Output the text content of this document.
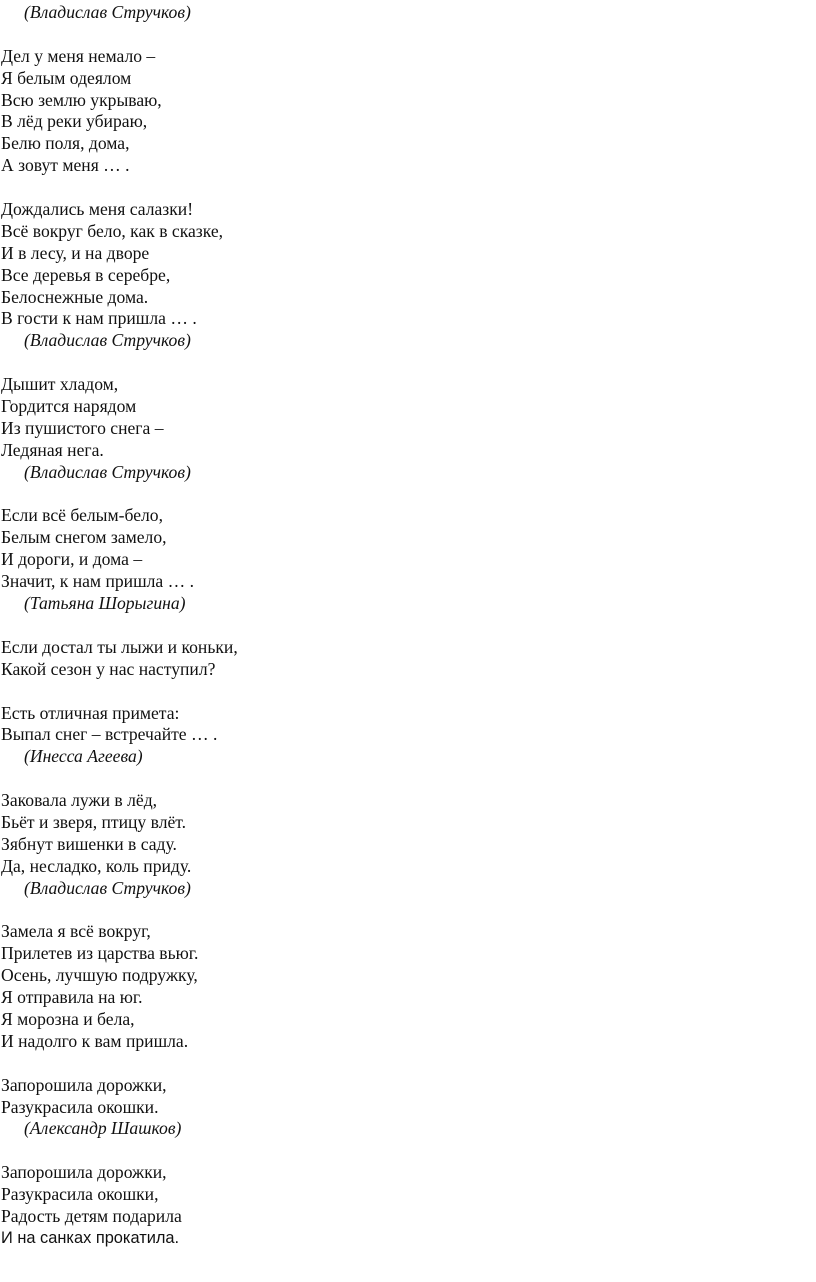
(Владислав Стручков)
Дел у меня немало –
Я белым одеялом
Всю землю укрываю,
В лёд реки убираю,
Белю поля, дома,
А зовут меня … .
Дождались меня салазки!
Всё вокруг бело, как в сказке,
И в лесу, и на дворе
Все деревья в серебре,
Белоснежные дома.
В гости к нам пришла … .
(Владислав Стручков)
Дышит хладом,
Гордится нарядом
Из пушистого снега –
Ледяная нега.
(Владислав Стручков)
Если всё белым-бело,
Белым снегом замело,
И дороги, и дома –
Значит, к нам пришла … .
(Татьяна Шорыгина)
Если достал ты лыжи и коньки,
Какой сезон у нас наступил?
Есть отличная примета:
Выпал снег – встречайте … .
(Инесса Агеева)
Заковала лужи в лёд,
Бьёт и зверя, птицу влёт.
Зябнут вишенки в саду.
Да, несладко, коль приду.
(Владислав Стручков)
Замела я всё вокруг,
Прилетев из царства вьюг.
Осень, лучшую подружку,
Я отправила на юг.
Я морозна и бела,
И надолго к вам пришла.
Запорошила дорожки,
Разукрасила окошки.
(Александр Шашков)
Запорошила дорожки,
Разукрасила окошки,
Радость детям подарила
И на санках прокатила.
